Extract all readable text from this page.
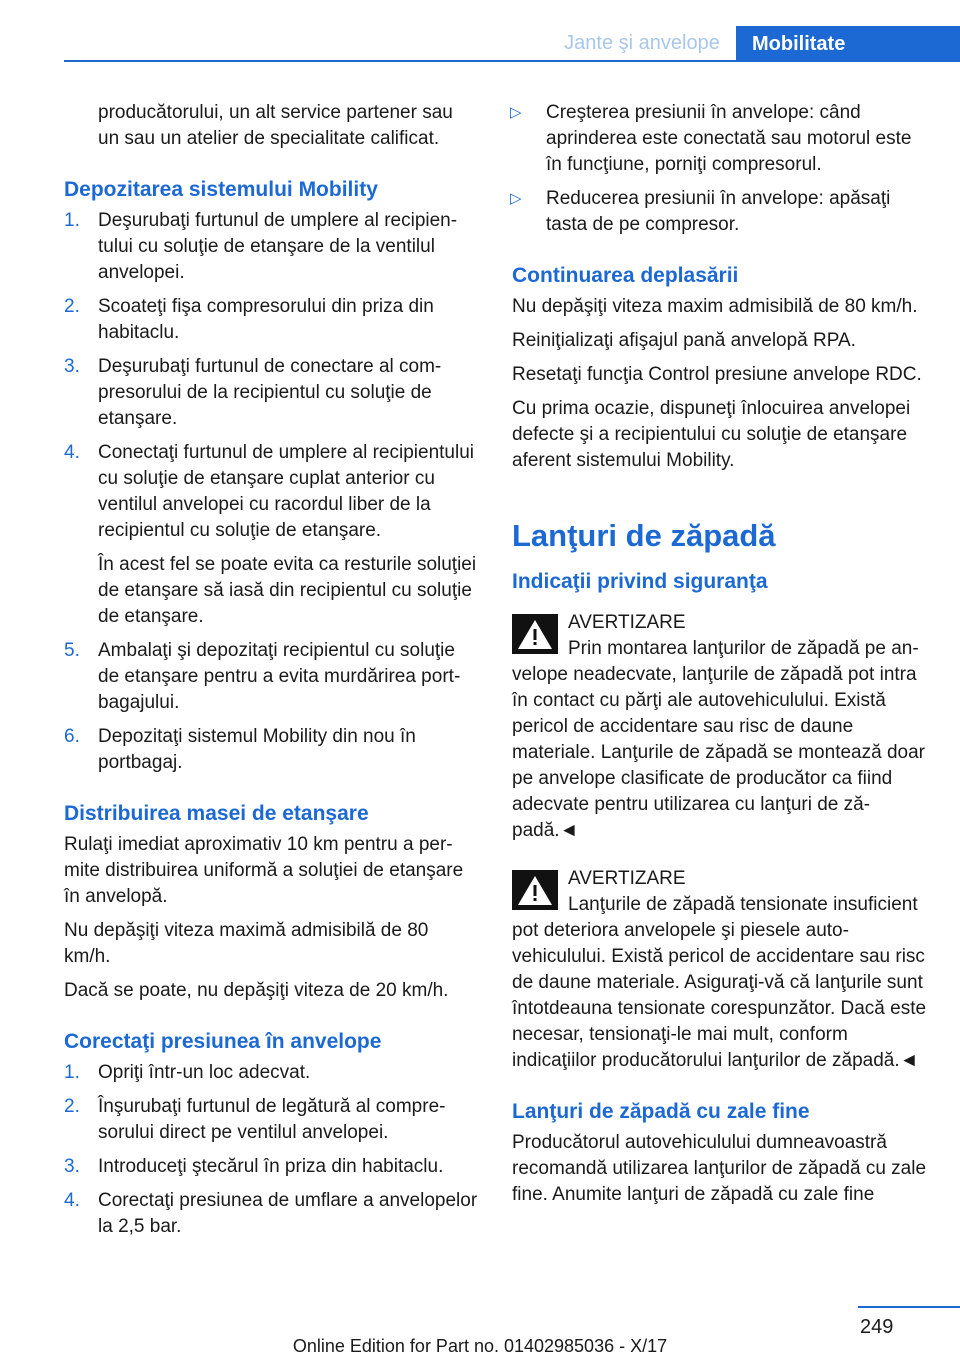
Jante şi anvelope	Mobilitate

producătorului, un alt service partener sau un sau un atelier de specialitate calificat.

Depozitarea sistemului Mobility
1. Deşurubaţi furtunul de umplere al recipientului cu soluţie de etanşare de la ventilul anvelopei.
2. Scoateţi fişa compresorului din priza din habitaclu.
3. Deşurubaţi furtunul de conectare al compresorului de la recipientul cu soluţie de etanşare.
4. Conectaţi furtunul de umplere al recipientului cu soluţie de etanşare cuplat anterior cu ventilul anvelopei cu racordul liber de la recipientul cu soluţie de etanşare.
În acest fel se poate evita ca resturile soluţiei de etanşare să iasă din recipientul cu soluţie de etanşare.
5. Ambalaţi şi depozitaţi recipientul cu soluţie de etanşare pentru a evita murdărirea portbagajului.
6. Depozitaţi sistemul Mobility din nou în portbagaj.
Distribuirea masei de etanşare

Rulaţi imediat aproximativ 10 km pentru a permite distribuirea uniformă a soluţiei de etanşare în anvelopă.

Nu depăşiţi viteza maximă admisibilă de 80 km/h.

Dacă se poate, nu depăşiţi viteza de 20 km/h.

Corectaţi presiunea în anvelope
1. Opriţi într-un loc adecvat.
2. Înşurubaţi furtunul de legătură al compresorului direct pe ventilul anvelopei.
3. Introduceţi ştecărul în priza din habitaclu.
4. Corectaţi presiunea de umflare a anvelopelor la 2,5 bar.
▷ Creşterea presiunii în anvelope: când aprinderea este conectată sau motorul este în funcţiune, porniţi compresorul.
▷ Reducerea presiunii în anvelope: apăsaţi tasta de pe compresor.
Continuarea deplasării

Nu depăşiţi viteza maxim admisibilă de 80 km/h.

Reiniţializaţi afişajul pană anvelopă RPA.

Resetaţi funcţia Control presiune anvelope RDC.

Cu prima ocazie, dispuneţi înlocuirea anvelopei defecte şi a recipientului cu soluţie de etanşare aferent sistemului Mobility.

Lanţuri de zăpadă
Indicaţii privind siguranţa
AVERTIZARE
Prin montarea lanţurilor de zăpadă pe anvelope neadecvate, lanţurile de zăpadă pot intra în contact cu părţi ale autovehiculului. Există pericol de accidentare sau risc de daune materiale. Lanţurile de zăpadă se montează doar pe anvelope clasificate de producător ca fiind adecvate pentru utilizarea cu lanţuri de zăpadă.◄
AVERTIZARE
Lanţurile de zăpadă tensionate insuficient pot deteriora anvelopele şi piesele autovehiculului. Există pericol de accidentare sau risc de daune materiale. Asiguraţi-vă că lanţurile sunt întotdeauna tensionate corespunzător. Dacă este necesar, tensionaţi-le mai mult, conform indicaţiilor producătorului lanţurilor de zăpadă.◄
Lanţuri de zăpadă cu zale fine

Producătorul autovehiculului dumneavoastră recomandă utilizarea lanţurilor de zăpadă cu zale fine. Anumite lanţuri de zăpadă cu zale fine

249
Online Edition for Part no. 01402985036 - X/17
